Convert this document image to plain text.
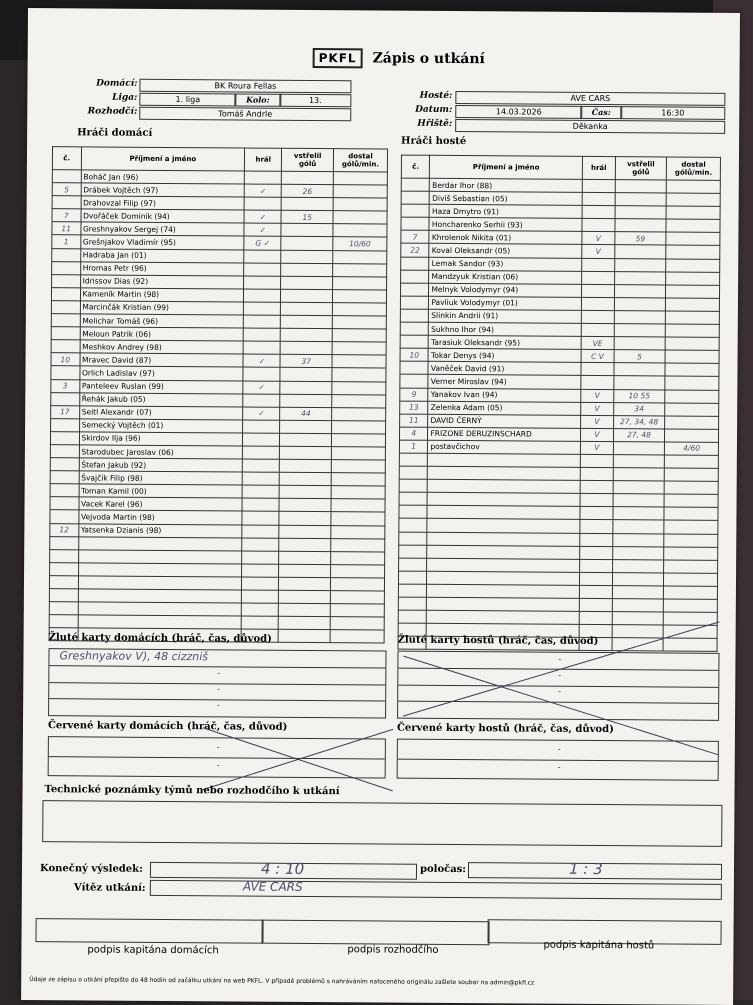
PKFL	Zápis o utkání
Domácí:	BK Roura Fellas
Liga:	1. liga	Kolo:	13.
Rozhodčí:	Tomáš Andrle
Hosté:	AVE CARS
Datum:	14.03.2026	Čas:	16:30
Hřiště:	Děkanka
Hráči domácí
Hráči hosté
č.	Příjmení a jméno	hrál	vstřelil gólů	dostal gólů/min.
	Boháč Jan (96)			
5	Drábek Vojtěch (97)	✓	26	
	Drahovzal Filip (97)			
7	Dvořáček Dominik (94)	✓	15	
11	Greshnyakov Sergej (74)	✓		
1	Grešnjakov Vladimír (95)	G ✓		10/60
	Hadraba Jan (01)			
	Hromas Petr (96)			
	Idrissov Dias (92)			
	Kameník Martin (98)			
	Marcinčák Kristian (99)			
	Melichar Tomáš (96)			
	Meloun Patrik (06)			
	Meshkov Andrey (98)			
10	Mravec David (87)	✓	37	
	Orlich Ladislav (97)			
3	Panteleev Ruslan (99)	✓		
	Řehák Jakub (05)			
17	Seitl Alexandr (07)	✓	44	
	Semecký Vojtěch (01)			
	Skirdov Ilja (96)			
	Starodubec Jaroslav (06)			
	Štefan Jakub (92)			
	Švajčík Filip (98)			
	Toman Kamil (00)			
	Vacek Karel (96)			
	Vejvoda Martin (98)			
12	Yatsenka Dzianis (98)			

č.	Příjmení a jméno	hrál	vstřelil gólů	dostal gólů/min.
	Berdar Ihor (88)			
	Diviš Sebastian (05)			
	Haza Dmytro (91)			
	Honcharenko Serhii (93)			
7	Khrolenok Nikita (01)	V	59	
22	Koval Oleksandr (05)	V		
	Lemak Sandor (93)			
	Mandzyuk Kristian (06)			
	Melnyk Volodymyr (94)			
	Pavliuk Volodymyr (01)			
	Slinkin Andrii (91)			
	Sukhno Ihor (94)			
	Tarasiuk Oleksandr (95)	VE		
10	Tokar Denys (94)	C V	5	
	Vaněček David (91)			
	Verner Miroslav (94)			
9	Yanakov Ivan (94)	V	10 55	
13	Zelenka Adam (05)	V	34	
11	DAVID ČERNÝ	V	27, 34, 48	
4	FRIZONE DERUZINSCHARD	V	27, 48	
1	postavčichov	V		4/60

Žluté karty domácích (hráč, čas, důvod)
Greshnyakov V), 48 cizzniš
-
-
-
Žluté karty hostů (hráč, čas, důvod)
-
-
-
Červené karty domácích (hráč, čas, důvod)
-
-
Červené karty hostů (hráč, čas, důvod)
-
-
Technické poznámky týmů nebo rozhodčího k utkání
Konečný výsledek:	4 : 10	poločas:	1 : 3
Vítěz utkání:	AVE CARS
podpis kapitána domácích	podpis rozhodčího	podpis kapitána hostů
Údaje ze zápisu o utkání přepište do 48 hodin od začátku utkání na web PKFL. V případě problémů s nahráváním nafoceného originálu zašlete soubor na admin@pkfl.cz
